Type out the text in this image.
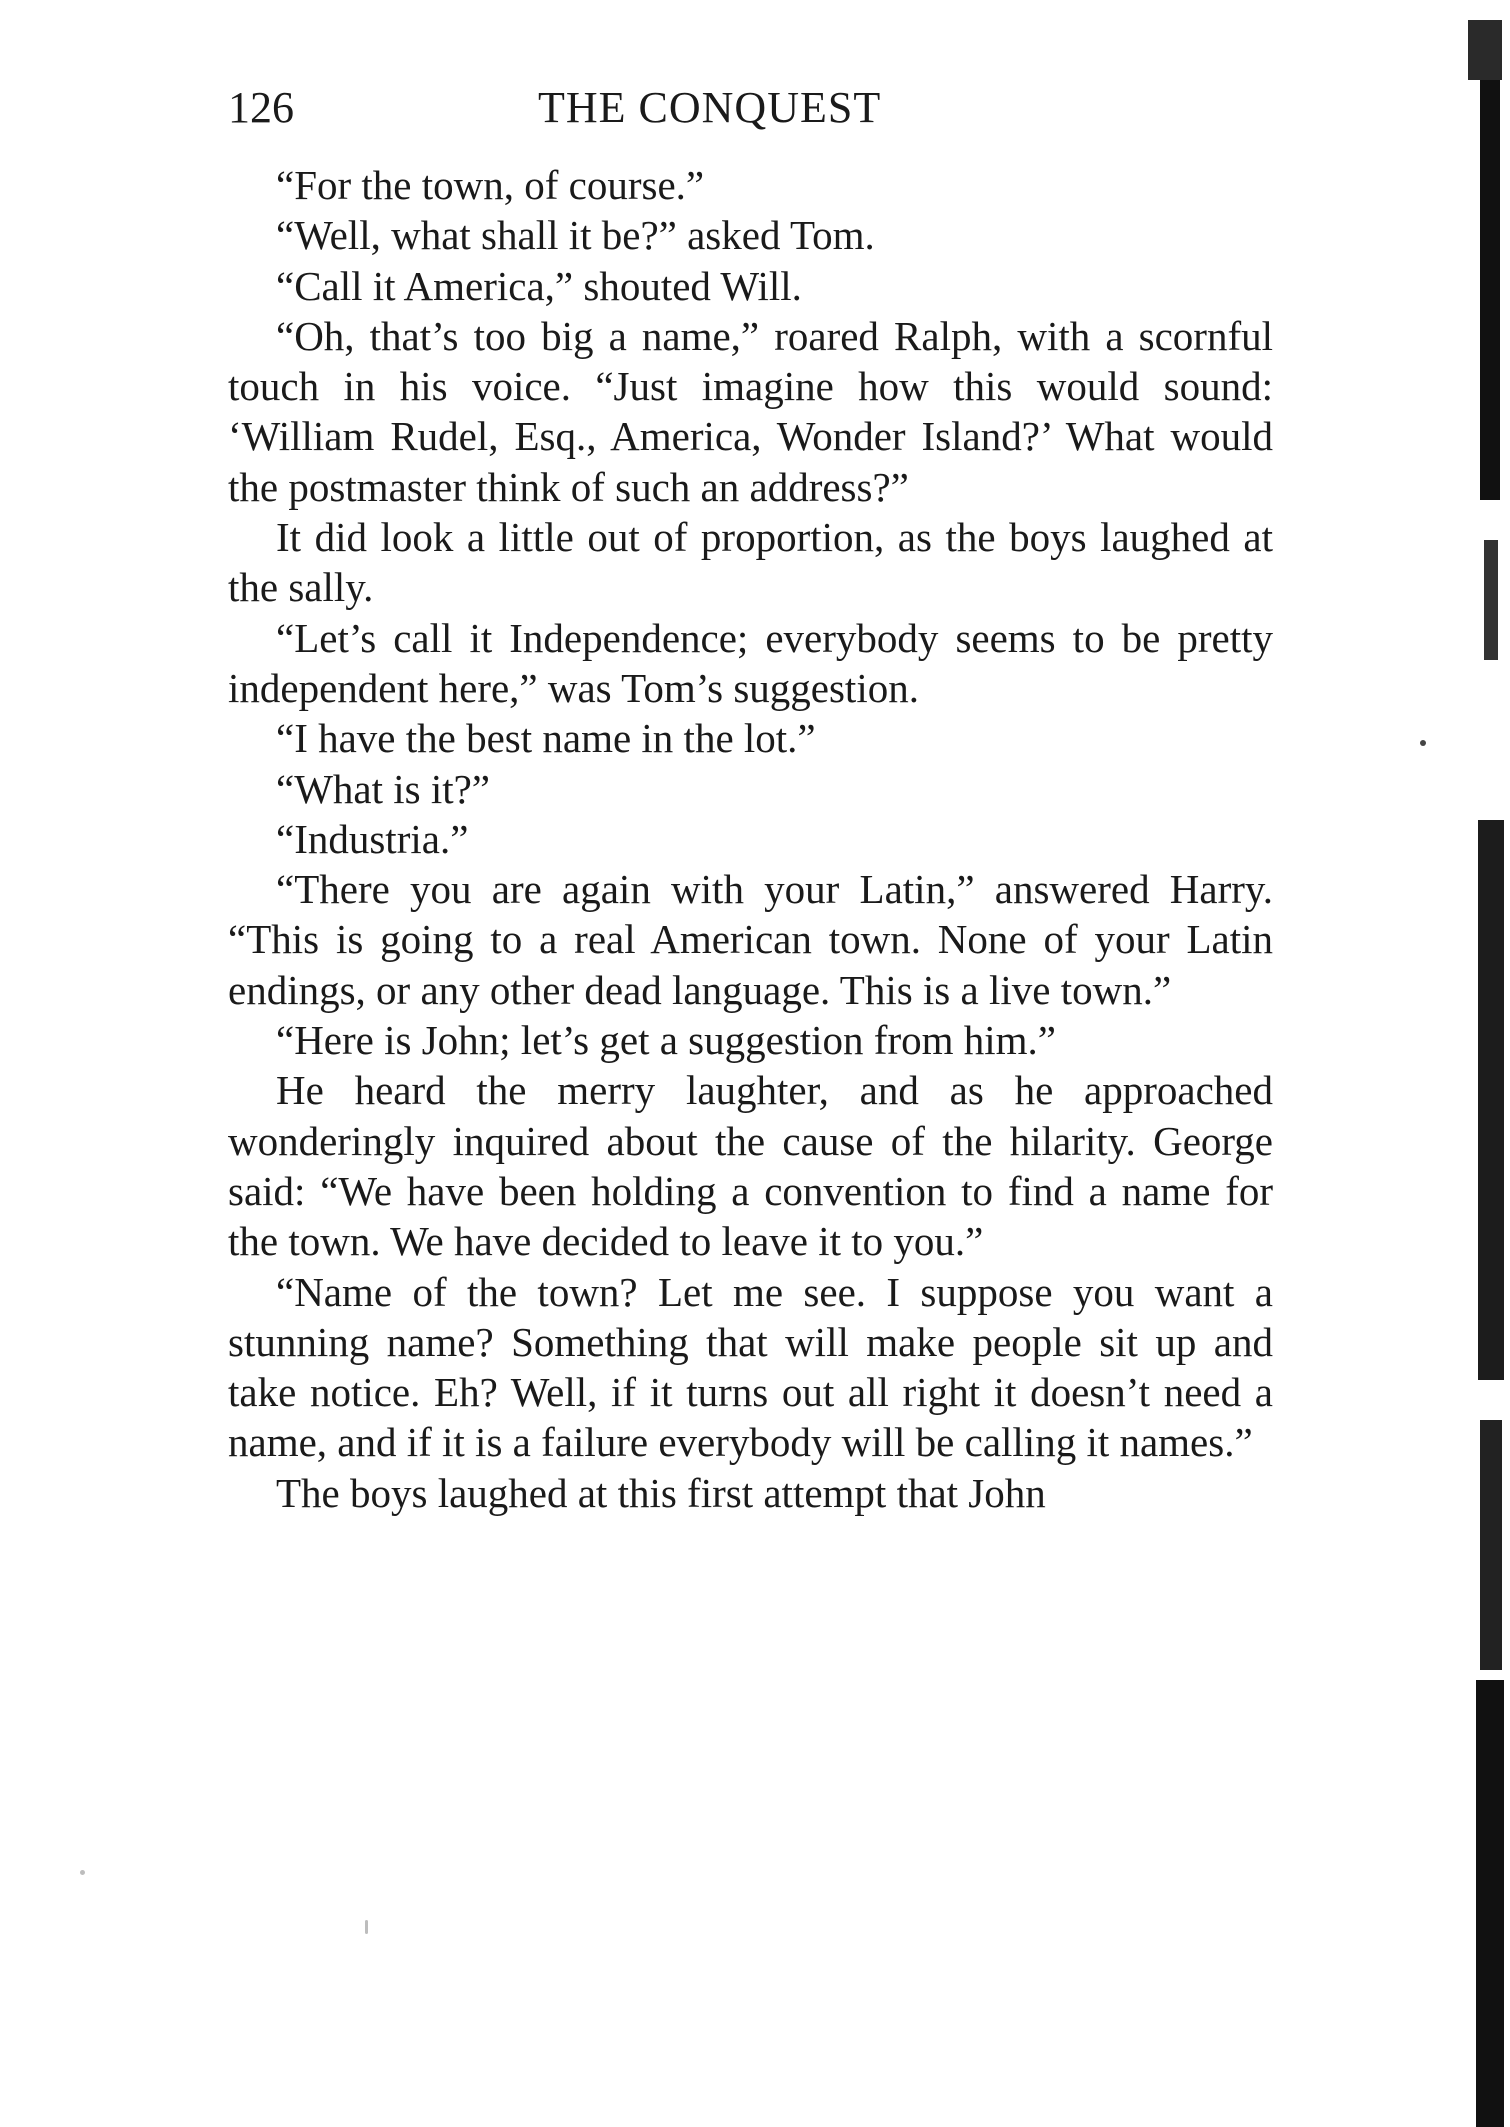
126	THE CONQUEST

“For the town, of course.”

“Well, what shall it be?” asked Tom.

“Call it America,” shouted Will.

“Oh, that’s too big a name,” roared Ralph, with a scornful touch in his voice. “Just imagine how this would sound: ‘William Rudel, Esq., America, Wonder Island?’ What would the postmaster think of such an address?”

It did look a little out of proportion, as the boys laughed at the sally.

“Let’s call it Independence; everybody seems to be pretty independent here,” was Tom’s suggestion.

“I have the best name in the lot.”

“What is it?”

“Industria.”

“There you are again with your Latin,” answered Harry. “This is going to a real American town. None of your Latin endings, or any other dead language. This is a live town.”

“Here is John; let’s get a suggestion from him.”

He heard the merry laughter, and as he approached wonderingly inquired about the cause of the hilarity. George said: “We have been holding a convention to find a name for the town. We have decided to leave it to you.”

“Name of the town? Let me see. I suppose you want a stunning name? Something that will make people sit up and take notice. Eh? Well, if it turns out all right it doesn’t need a name, and if it is a failure everybody will be calling it names.”

The boys laughed at this first attempt that John
